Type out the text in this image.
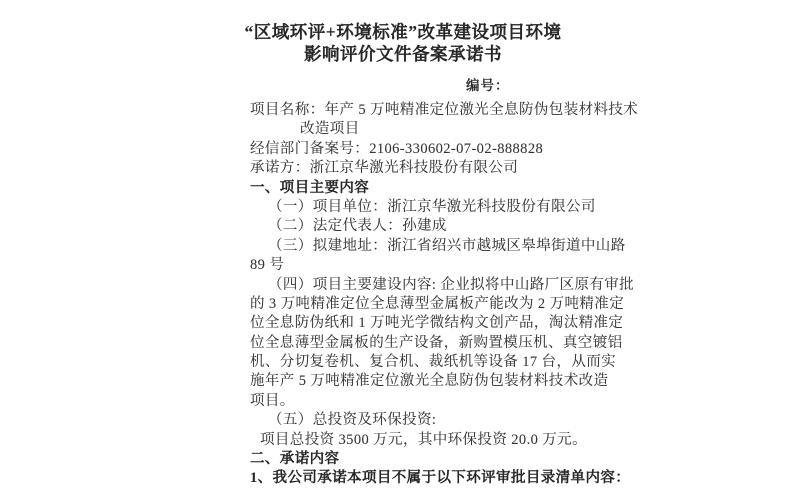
“区域环评+环境标准”改革建设项目环境
影响评价文件备案承诺书
编号：

项目名称：年产 5 万吨精准定位激光全息防伪包装材料技术

改造项目

经信部门备案号：2106-330602-07-02-888828

承诺方：浙江京华激光科技股份有限公司

一、项目主要内容

（一）项目单位：浙江京华激光科技股份有限公司

（二）法定代表人：孙建成

（三）拟建地址：浙江省绍兴市越城区皋埠街道中山路

89 号

（四）项目主要建设内容: 企业拟将中山路厂区原有审批

的 3 万吨精准定位全息薄型金属板产能改为 2 万吨精准定

位全息防伪纸和 1 万吨光学微结构文创产品，淘汰精准定

位全息薄型金属板的生产设备，新购置模压机、真空镀铝

机、分切复卷机、复合机、裁纸机等设备 17 台，从而实

施年产 5 万吨精准定位激光全息防伪包装材料技术改造

项目。

（五）总投资及环保投资:

项目总投资 3500 万元，其中环保投资 20.0 万元。

二、承诺内容

1、我公司承诺本项目不属于以下环评审批目录清单内容：
